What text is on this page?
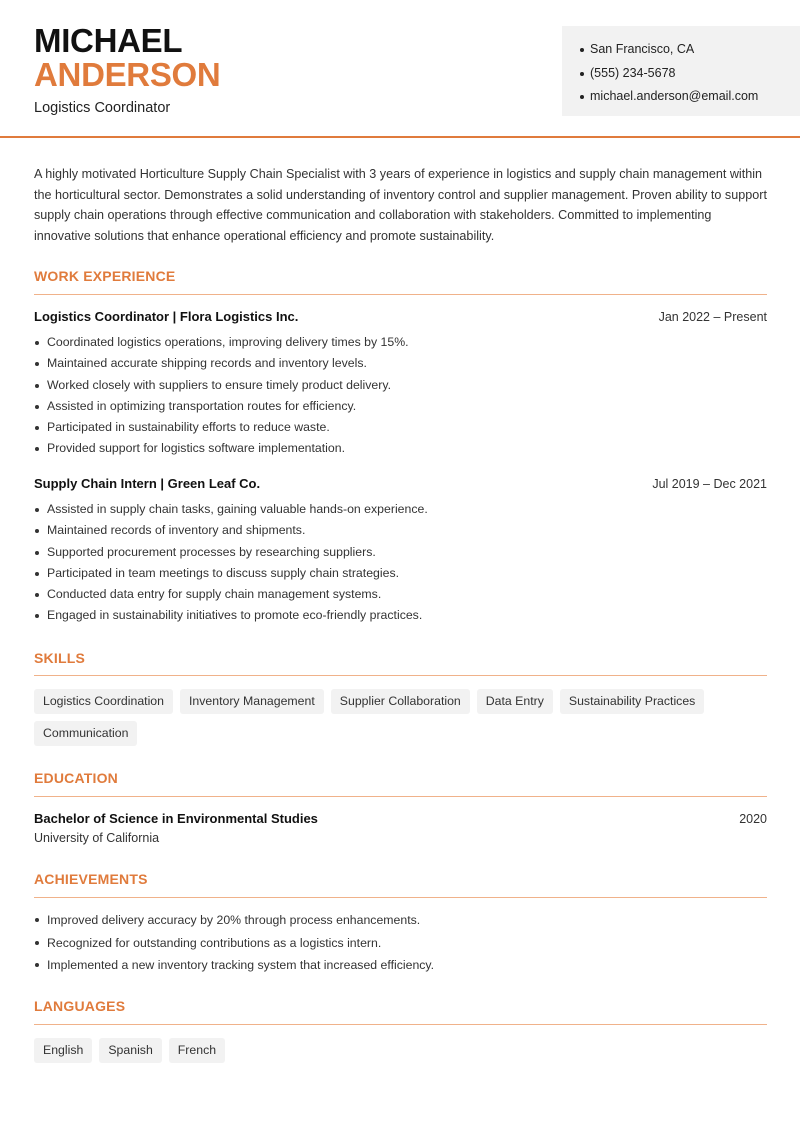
MICHAEL
ANDERSON
Logistics Coordinator
San Francisco, CA
(555) 234-5678
michael.anderson@email.com

A highly motivated Horticulture Supply Chain Specialist with 3 years of experience in logistics and supply chain management within the horticultural sector. Demonstrates a solid understanding of inventory control and supplier management. Proven ability to support supply chain operations through effective communication and collaboration with stakeholders. Committed to implementing innovative solutions that enhance operational efficiency and promote sustainability.

WORK EXPERIENCE
Logistics Coordinator | Flora Logistics Inc.	Jan 2022 – Present
Coordinated logistics operations, improving delivery times by 15%.
Maintained accurate shipping records and inventory levels.
Worked closely with suppliers to ensure timely product delivery.
Assisted in optimizing transportation routes for efficiency.
Participated in sustainability efforts to reduce waste.
Provided support for logistics software implementation.
Supply Chain Intern | Green Leaf Co.	Jul 2019 – Dec 2021
Assisted in supply chain tasks, gaining valuable hands-on experience.
Maintained records of inventory and shipments.
Supported procurement processes by researching suppliers.
Participated in team meetings to discuss supply chain strategies.
Conducted data entry for supply chain management systems.
Engaged in sustainability initiatives to promote eco-friendly practices.
SKILLS
Logistics Coordination	Inventory Management	Supplier Collaboration	Data Entry	Sustainability Practices
Communication
EDUCATION
Bachelor of Science in Environmental Studies	2020
University of California
ACHIEVEMENTS
Improved delivery accuracy by 20% through process enhancements.
Recognized for outstanding contributions as a logistics intern.
Implemented a new inventory tracking system that increased efficiency.
LANGUAGES
English	Spanish	French
